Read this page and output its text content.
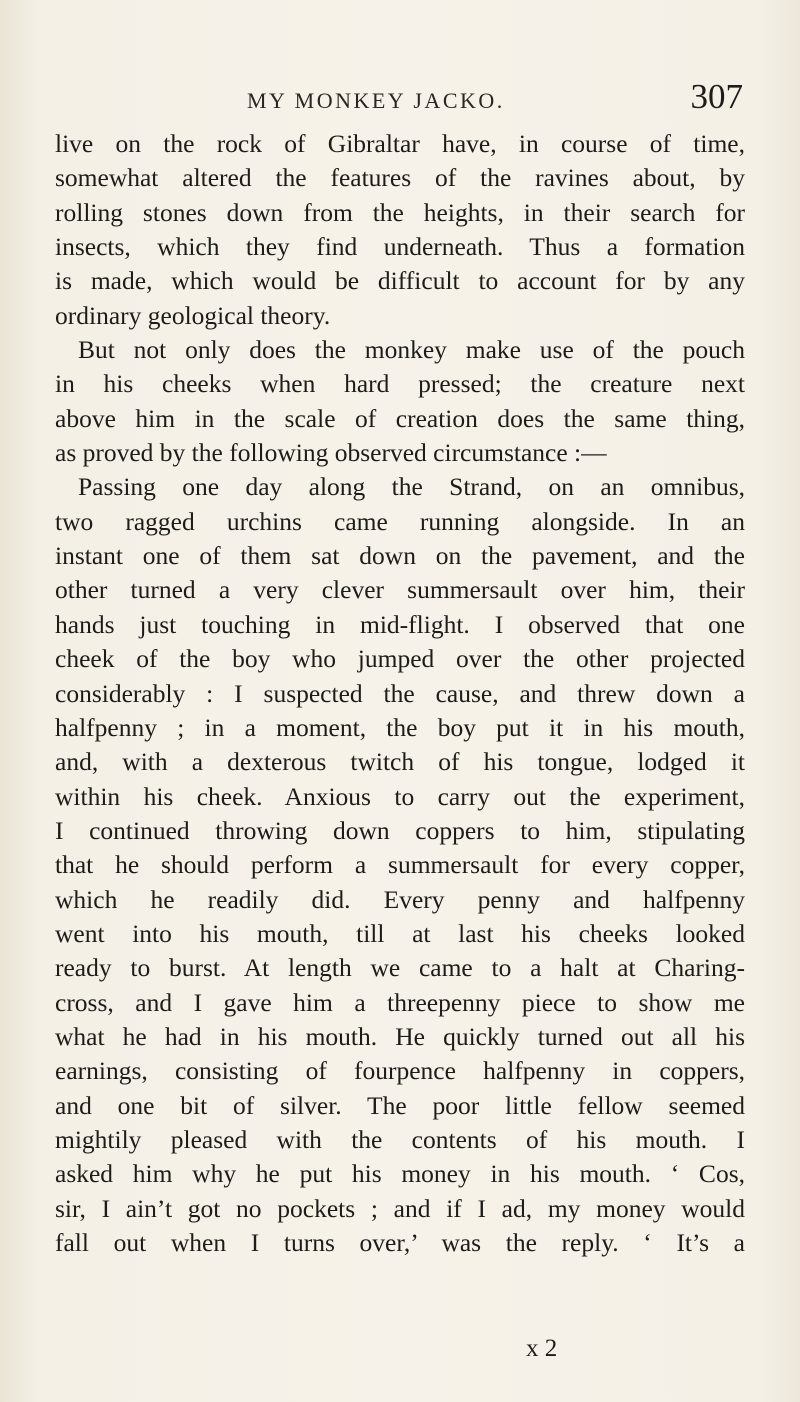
MY MONKEY JACKO.	307
live on the rock of Gibraltar have, in course of time,
somewhat altered the features of the ravines about, by
rolling stones down from the heights, in their search for
insects, which they find underneath. Thus a formation
is made, which would be difficult to account for by any
ordinary geological theory.
But not only does the monkey make use of the pouch
in his cheeks when hard pressed; the creature next
above him in the scale of creation does the same thing,
as proved by the following observed circumstance :—
Passing one day along the Strand, on an omnibus,
two ragged urchins came running alongside. In an
instant one of them sat down on the pavement, and the
other turned a very clever summersault over him, their
hands just touching in mid-flight. I observed that one
cheek of the boy who jumped over the other projected
considerably : I suspected the cause, and threw down a
halfpenny ; in a moment, the boy put it in his mouth,
and, with a dexterous twitch of his tongue, lodged it
within his cheek. Anxious to carry out the experiment,
I continued throwing down coppers to him, stipulating
that he should perform a summersault for every copper,
which he readily did. Every penny and halfpenny
went into his mouth, till at last his cheeks looked
ready to burst. At length we came to a halt at Charing-
cross, and I gave him a threepenny piece to show me
what he had in his mouth. He quickly turned out all his
earnings, consisting of fourpence halfpenny in coppers,
and one bit of silver. The poor little fellow seemed
mightily pleased with the contents of his mouth. I
asked him why he put his money in his mouth. ‘ Cos,
sir, I ain’t got no pockets ; and if I ad, my money would
fall out when I turns over,’ was the reply. ‘ It’s a
x 2
